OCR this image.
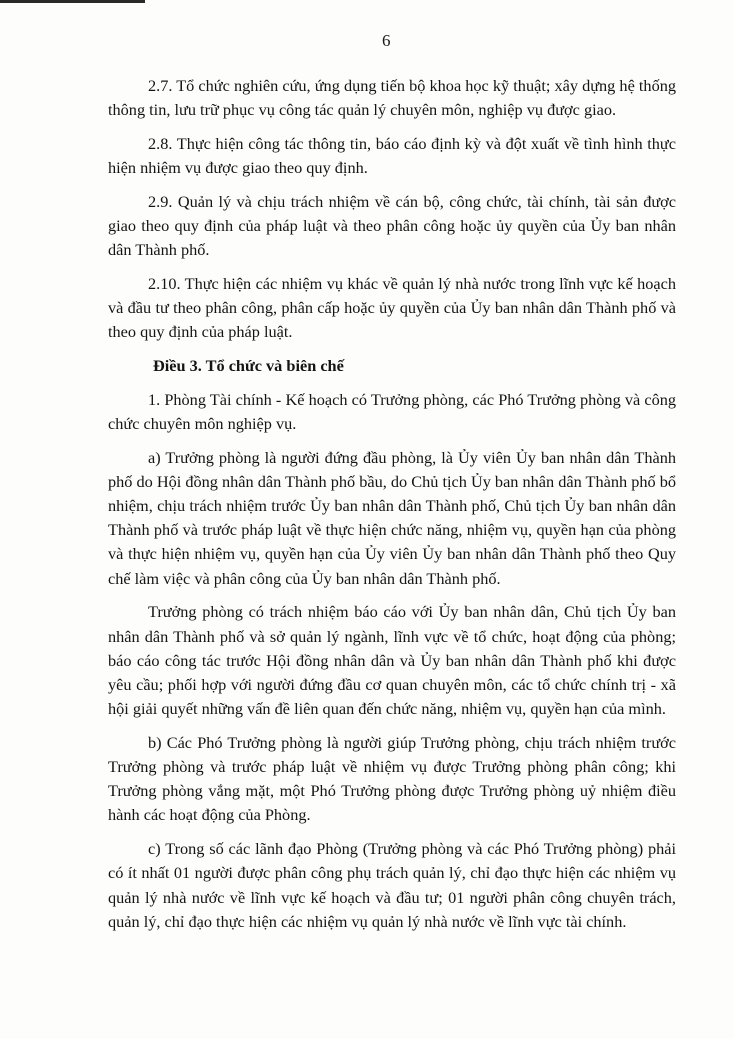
6

2.7. Tổ chức nghiên cứu, ứng dụng tiến bộ khoa học kỹ thuật; xây dựng hệ thống thông tin, lưu trữ phục vụ công tác quản lý chuyên môn, nghiệp vụ được giao.

2.8. Thực hiện công tác thông tin, báo cáo định kỳ và đột xuất về tình hình thực hiện nhiệm vụ được giao theo quy định.

2.9. Quản lý và chịu trách nhiệm về cán bộ, công chức, tài chính, tài sản được giao theo quy định của pháp luật và theo phân công hoặc ủy quyền của Ủy ban nhân dân Thành phố.

2.10. Thực hiện các nhiệm vụ khác về quản lý nhà nước trong lĩnh vực kế hoạch và đầu tư theo phân công, phân cấp hoặc ủy quyền của Ủy ban nhân dân Thành phố và theo quy định của pháp luật.

Điều 3. Tổ chức và biên chế

1. Phòng Tài chính - Kế hoạch có Trưởng phòng, các Phó Trưởng phòng và công chức chuyên môn nghiệp vụ.

a) Trưởng phòng là người đứng đầu phòng, là Ủy viên Ủy ban nhân dân Thành phố do Hội đồng nhân dân Thành phố bầu, do Chủ tịch Ủy ban nhân dân Thành phố bổ nhiệm, chịu trách nhiệm trước Ủy ban nhân dân Thành phố, Chủ tịch Ủy ban nhân dân Thành phố và trước pháp luật về thực hiện chức năng, nhiệm vụ, quyền hạn của phòng và thực hiện nhiệm vụ, quyền hạn của Ủy viên Ủy ban nhân dân Thành phố theo Quy chế làm việc và phân công của Ủy ban nhân dân Thành phố.

Trưởng phòng có trách nhiệm báo cáo với Ủy ban nhân dân, Chủ tịch Ủy ban nhân dân Thành phố và sở quản lý ngành, lĩnh vực về tổ chức, hoạt động của phòng; báo cáo công tác trước Hội đồng nhân dân và Ủy ban nhân dân Thành phố khi được yêu cầu; phối hợp với người đứng đầu cơ quan chuyên môn, các tổ chức chính trị - xã hội giải quyết những vấn đề liên quan đến chức năng, nhiệm vụ, quyền hạn của mình.

b) Các Phó Trưởng phòng là người giúp Trưởng phòng, chịu trách nhiệm trước Trưởng phòng và trước pháp luật về nhiệm vụ được Trưởng phòng phân công; khi Trưởng phòng vắng mặt, một Phó Trưởng phòng được Trưởng phòng uỷ nhiệm điều hành các hoạt động của Phòng.

c) Trong số các lãnh đạo Phòng (Trưởng phòng và các Phó Trưởng phòng) phải có ít nhất 01 người được phân công phụ trách quản lý, chỉ đạo thực hiện các nhiệm vụ quản lý nhà nước về lĩnh vực kế hoạch và đầu tư; 01 người phân công chuyên trách, quản lý, chỉ đạo thực hiện các nhiệm vụ quản lý nhà nước về lĩnh vực tài chính.
